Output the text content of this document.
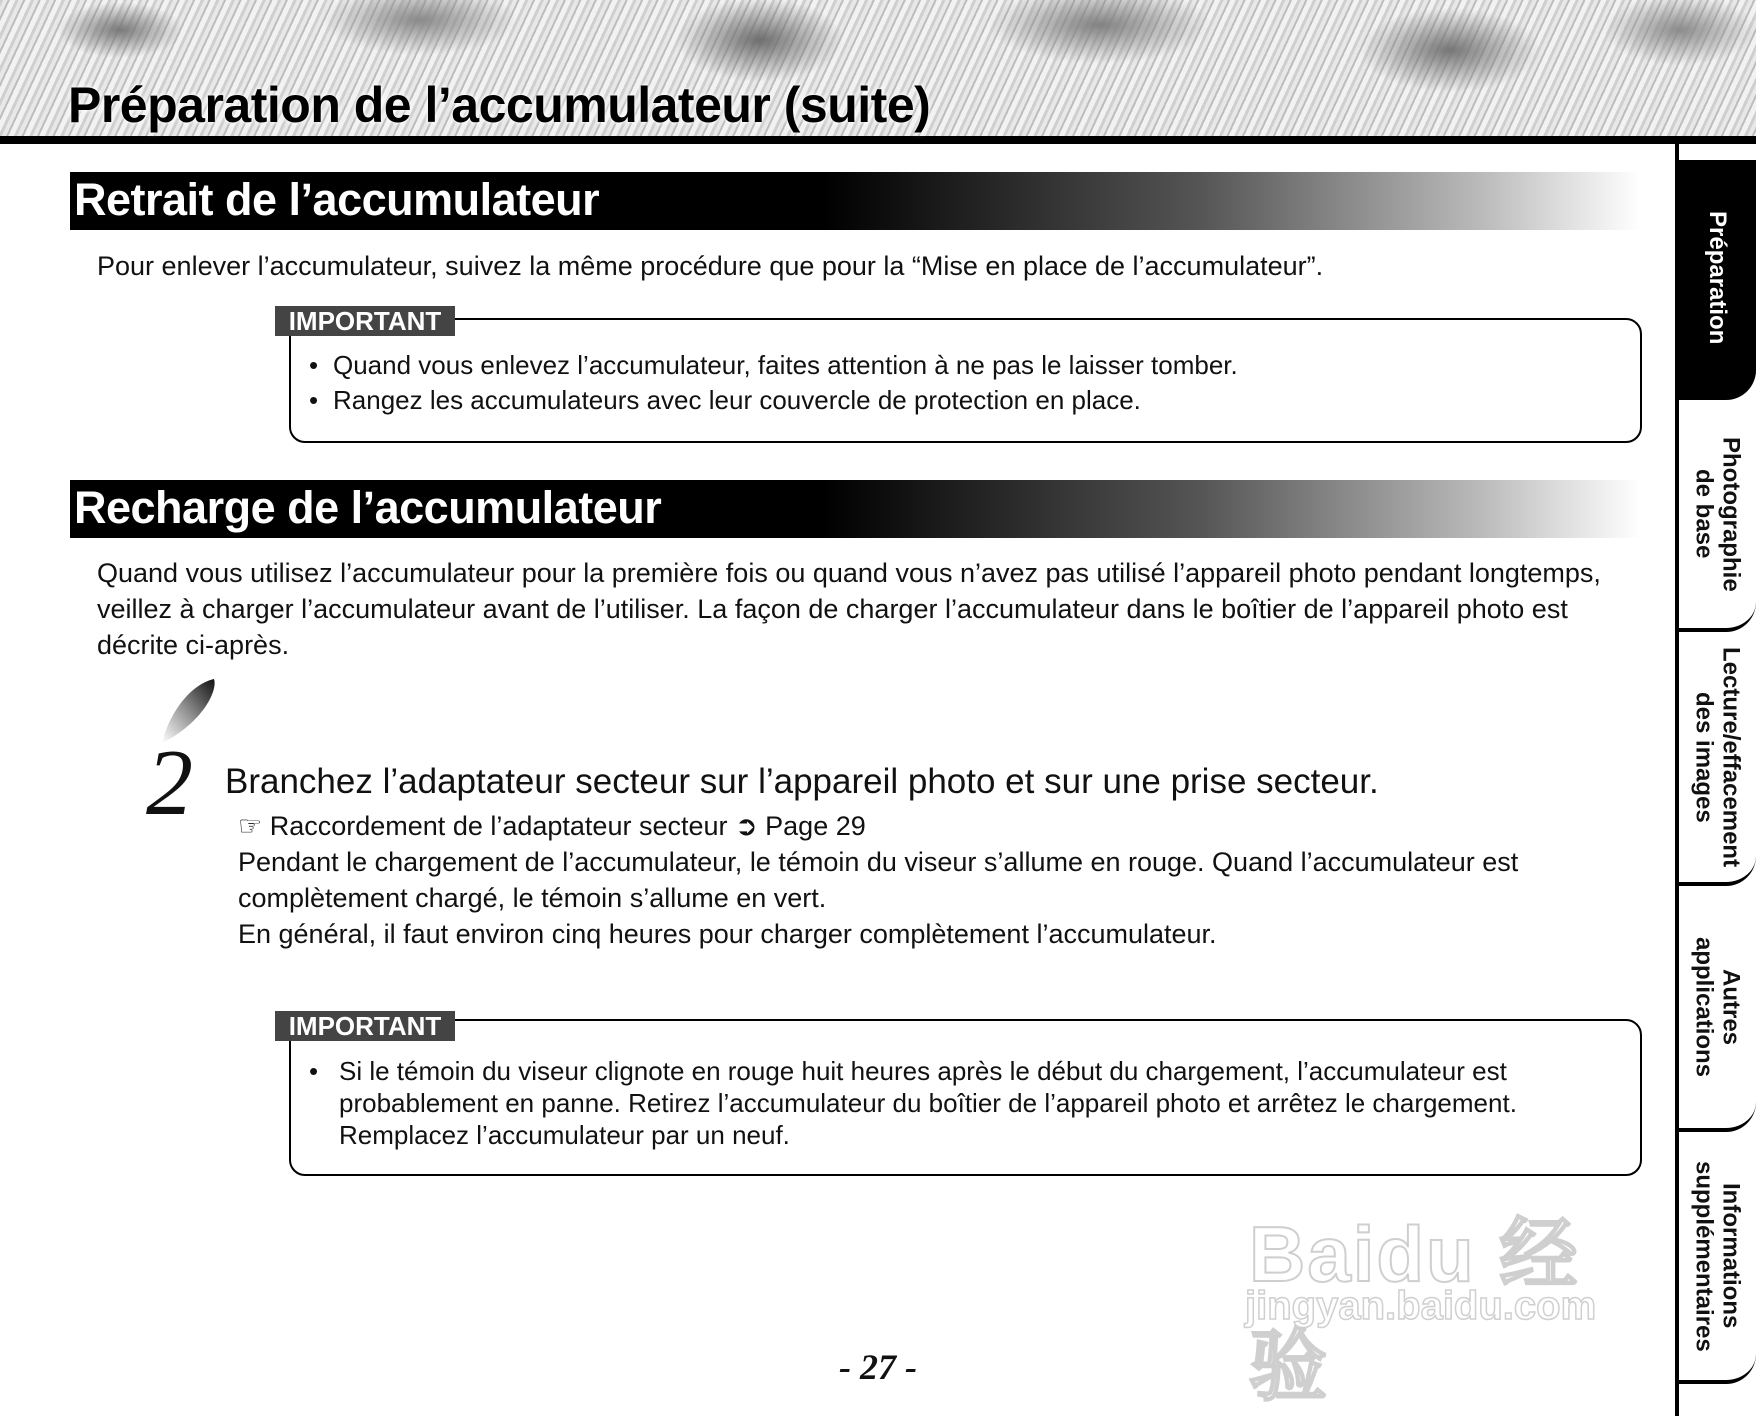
Préparation de l’accumulateur (suite)
Retrait de l’accumulateur

Pour enlever l’accumulateur, suivez la même procédure que pour la “Mise en place de l’accumulateur”.

• Quand vous enlevez l’accumulateur, faites attention à ne pas le laisser tomber.
• Rangez les accumulateurs avec leur couvercle de protection en place.
IMPORTANT
Recharge de l’accumulateur

Quand vous utilisez l’accumulateur pour la première fois ou quand vous n’avez pas utilisé l’appareil photo pendant longtemps, veillez à charger l’accumulateur avant de l’utiliser. La façon de charger l’accumulateur dans le boîtier de l’appareil photo est décrite ci-après.

2 Branchez l’adaptateur secteur sur l’appareil photo et sur une prise secteur.

☞ Raccordement de l’adaptateur secteur ➲ Page 29
Pendant le chargement de l’accumulateur, le témoin du viseur s’allume en rouge. Quand l’accumulateur est complètement chargé, le témoin s’allume en vert.
En général, il faut environ cinq heures pour charger complètement l’accumulateur.
• Si le témoin du viseur clignote en rouge huit heures après le début du chargement, l’accumulateur est probablement en panne. Retirez l’accumulateur du boîtier de l’appareil photo et arrêtez le chargement. Remplacez l’accumulateur par un neuf.
IMPORTANT
Préparation
Photographie
de base
Lecture/effacement
des images
Autres
applications
Informations
supplémentaires
Baidu 经验
jingyan.baidu.com
- 27 -
